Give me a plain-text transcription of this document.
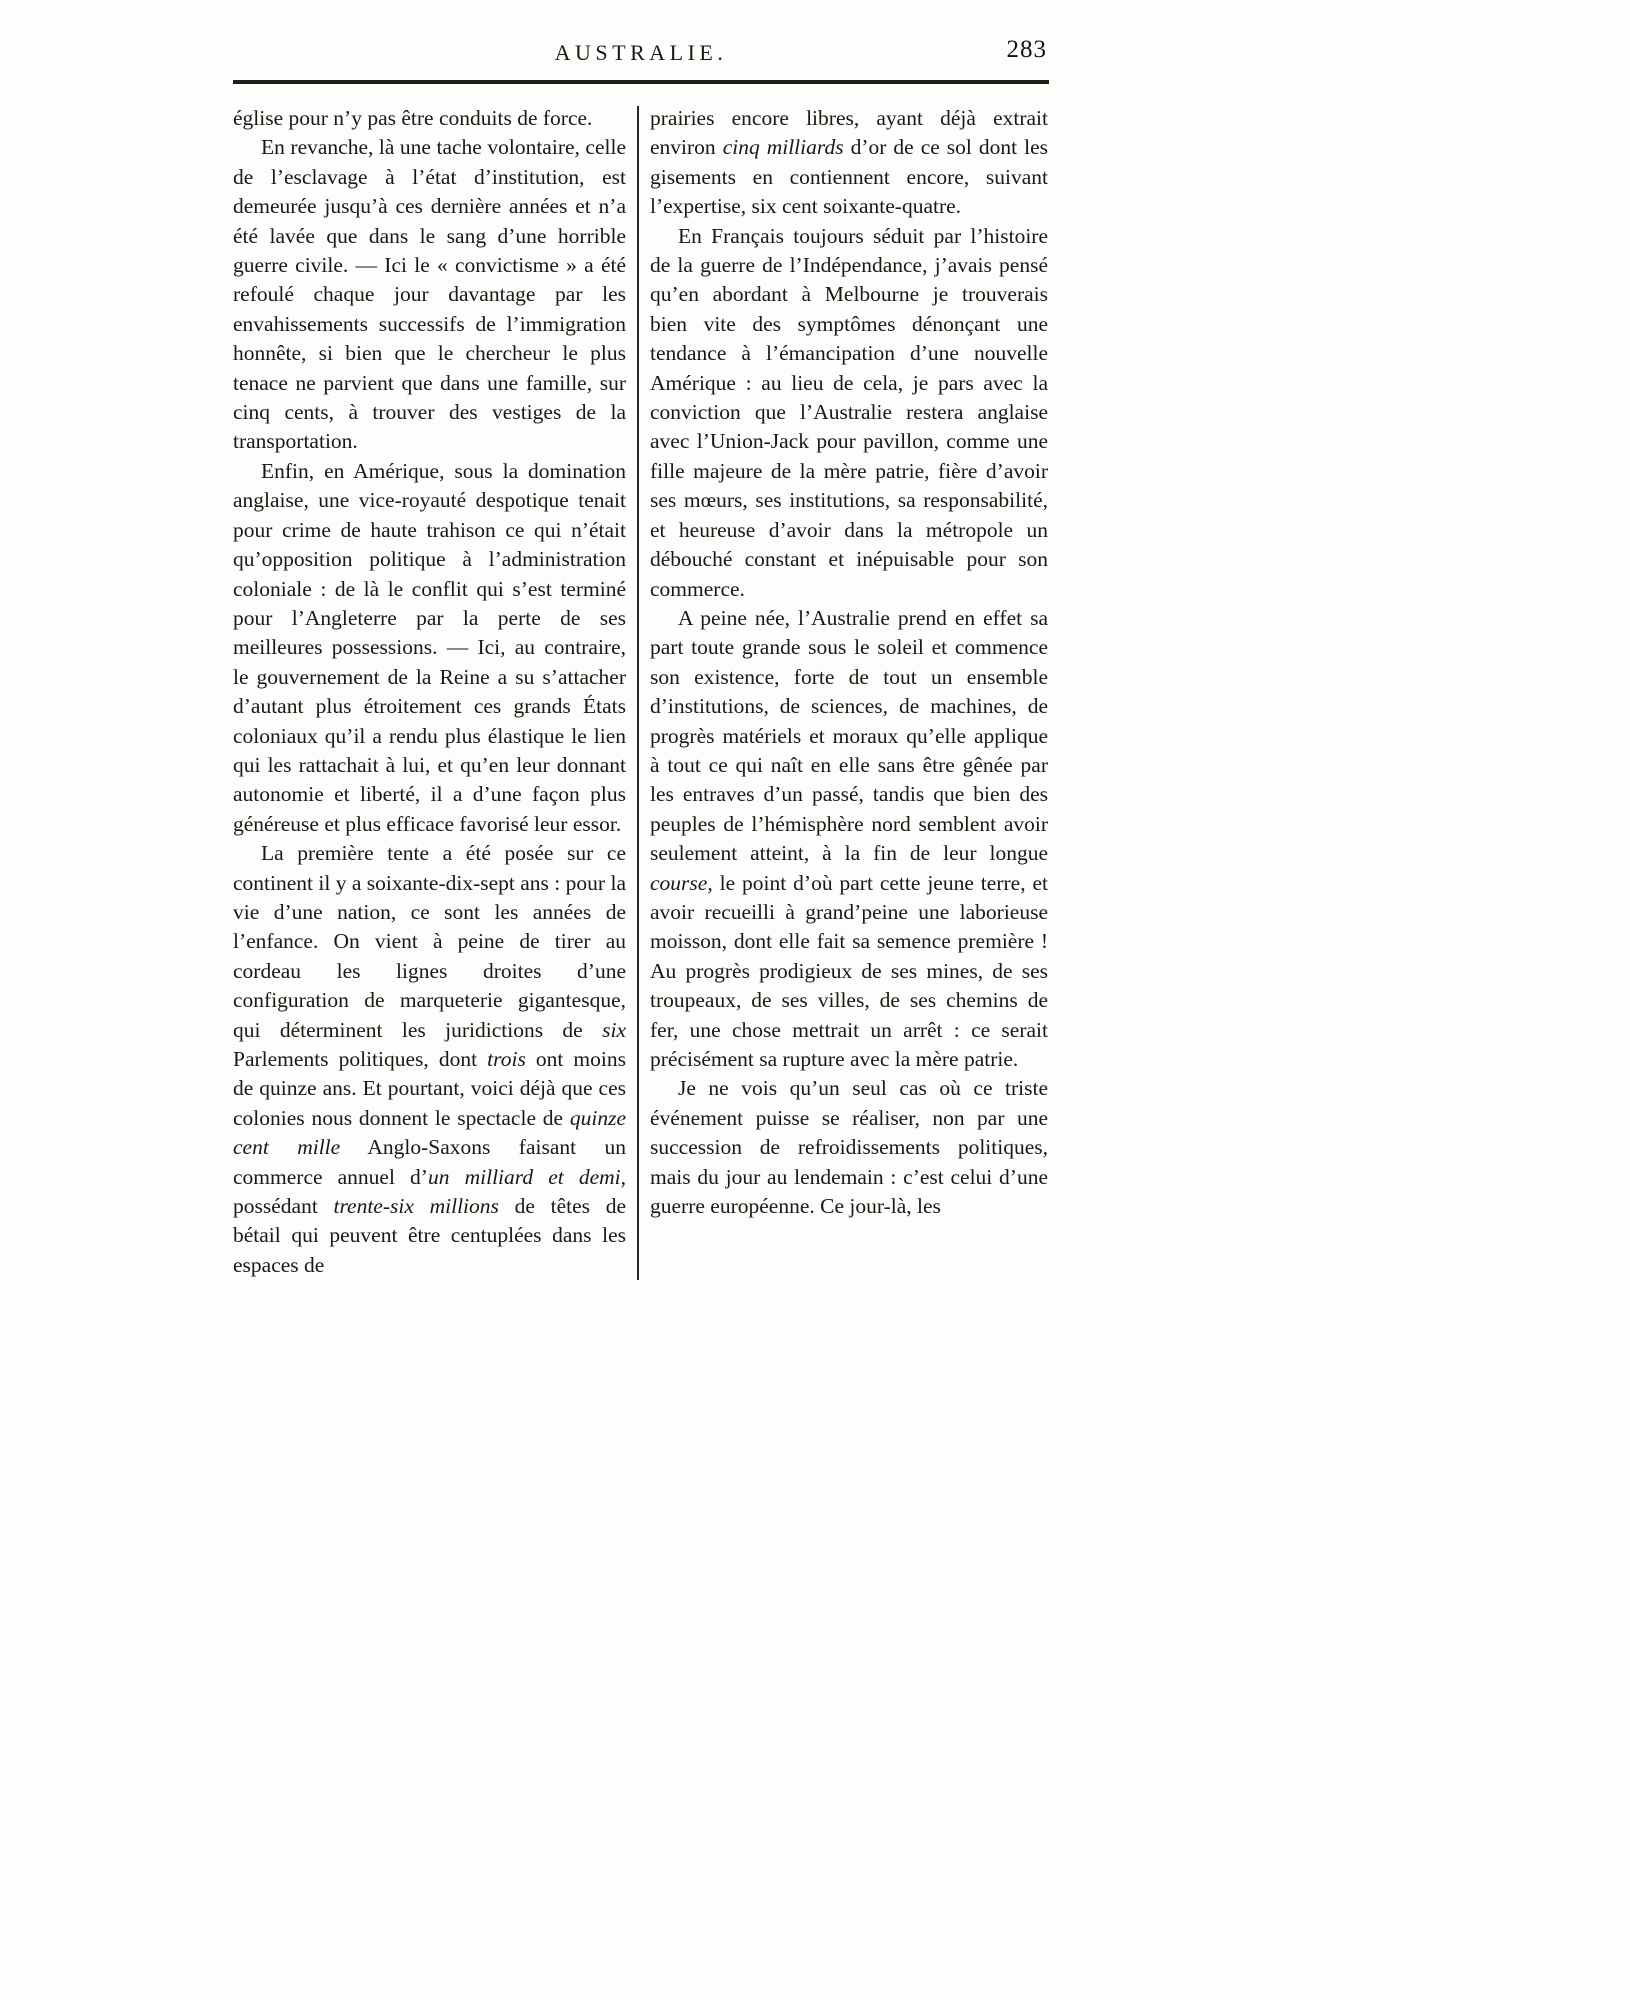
AUSTRALIE.	283

église pour n’y pas être conduits de force.

En revanche, là une tache volontaire, celle de l’esclavage à l’état d’institution, est demeurée jusqu’à ces dernière années et n’a été lavée que dans le sang d’une horrible guerre civile. — Ici le « convictisme » a été refoulé chaque jour davantage par les envahissements successifs de l’immigration honnête, si bien que le chercheur le plus tenace ne parvient que dans une famille, sur cinq cents, à trouver des vestiges de la transportation.

Enfin, en Amérique, sous la domination anglaise, une vice-royauté despotique tenait pour crime de haute trahison ce qui n’était qu’opposition politique à l’administration coloniale : de là le conflit qui s’est terminé pour l’Angleterre par la perte de ses meilleures possessions. — Ici, au contraire, le gouvernement de la Reine a su s’attacher d’autant plus étroitement ces grands États coloniaux qu’il a rendu plus élastique le lien qui les rattachait à lui, et qu’en leur donnant autonomie et liberté, il a d’une façon plus généreuse et plus efficace favorisé leur essor.

La première tente a été posée sur ce continent il y a soixante-dix-sept ans : pour la vie d’une nation, ce sont les années de l’enfance. On vient à peine de tirer au cordeau les lignes droites d’une configuration de marqueterie gigantesque, qui déterminent les juridictions de six Parlements politiques, dont trois ont moins de quinze ans. Et pourtant, voici déjà que ces colonies nous donnent le spectacle de quinze cent mille Anglo-Saxons faisant un commerce annuel d’un milliard et demi, possédant trente-six millions de têtes de bétail qui peuvent être centuplées dans les espaces de

prairies encore libres, ayant déjà extrait environ cinq milliards d’or de ce sol dont les gisements en contiennent encore, suivant l’expertise, six cent soixante-quatre.

En Français toujours séduit par l’histoire de la guerre de l’Indépendance, j’avais pensé qu’en abordant à Melbourne je trouverais bien vite des symptômes dénonçant une tendance à l’émancipation d’une nouvelle Amérique : au lieu de cela, je pars avec la conviction que l’Australie restera anglaise avec l’Union-Jack pour pavillon, comme une fille majeure de la mère patrie, fière d’avoir ses mœurs, ses institutions, sa responsabilité, et heureuse d’avoir dans la métropole un débouché constant et inépuisable pour son commerce.

A peine née, l’Australie prend en effet sa part toute grande sous le soleil et commence son existence, forte de tout un ensemble d’institutions, de sciences, de machines, de progrès matériels et moraux qu’elle applique à tout ce qui naît en elle sans être gênée par les entraves d’un passé, tandis que bien des peuples de l’hémisphère nord semblent avoir seulement atteint, à la fin de leur longue course, le point d’où part cette jeune terre, et avoir recueilli à grand’peine une laborieuse moisson, dont elle fait sa semence première ! Au progrès prodigieux de ses mines, de ses troupeaux, de ses villes, de ses chemins de fer, une chose mettrait un arrêt : ce serait précisément sa rupture avec la mère patrie.

Je ne vois qu’un seul cas où ce triste événement puisse se réaliser, non par une succession de refroidissements politiques, mais du jour au lendemain : c’est celui d’une guerre européenne. Ce jour-là, les
